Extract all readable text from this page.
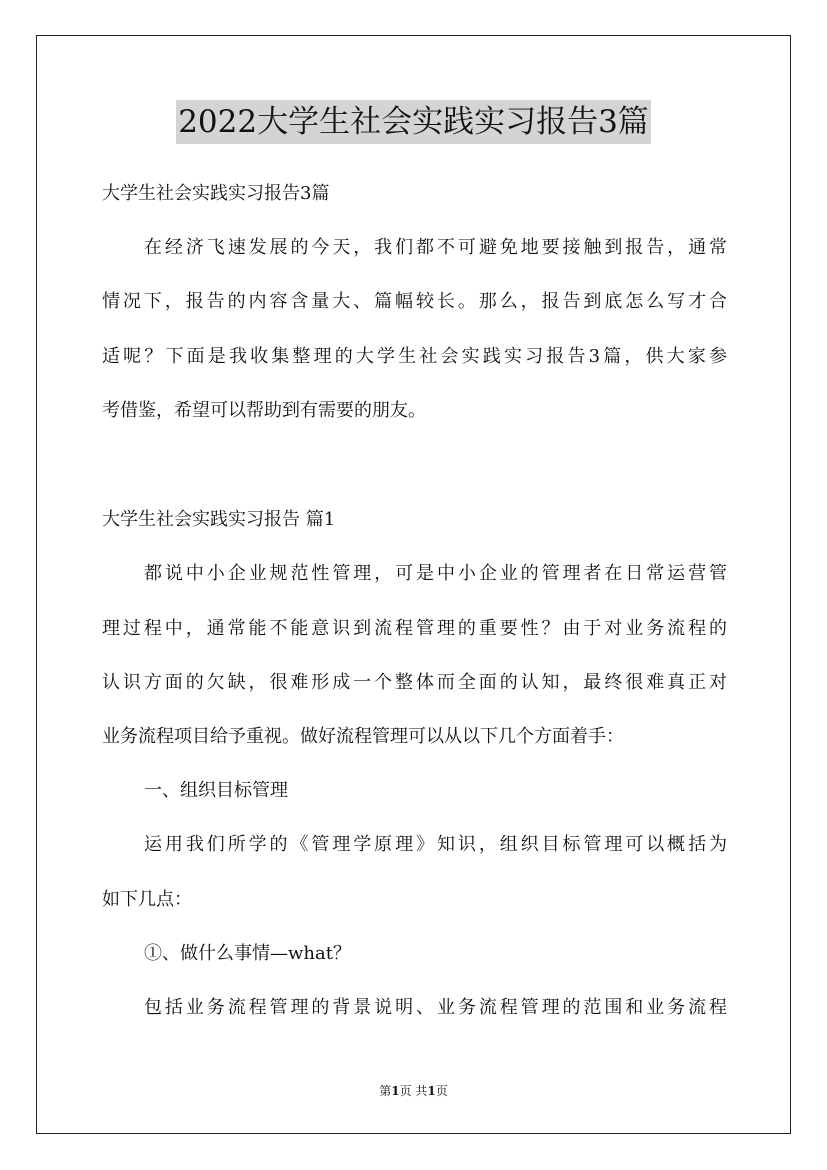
2022大学生社会实践实习报告3篇
大学生社会实践实习报告3篇
在经济飞速发展的今天，我们都不可避免地要接触到报告，通常
情况下，报告的内容含量大、篇幅较长。那么，报告到底怎么写才合
适呢？下面是我收集整理的大学生社会实践实习报告3篇，供大家参
考借鉴，希望可以帮助到有需要的朋友。
大学生社会实践实习报告 篇1
都说中小企业规范性管理，可是中小企业的管理者在日常运营管
理过程中，通常能不能意识到流程管理的重要性？由于对业务流程的
认识方面的欠缺，很难形成一个整体而全面的认知，最终很难真正对
业务流程项目给予重视。做好流程管理可以从以下几个方面着手：
一、组织目标管理
运用我们所学的《管理学原理》知识，组织目标管理可以概括为
如下几点：
①、做什么事情—what？
包括业务流程管理的背景说明、业务流程管理的范围和业务流程
第1页 共1页
